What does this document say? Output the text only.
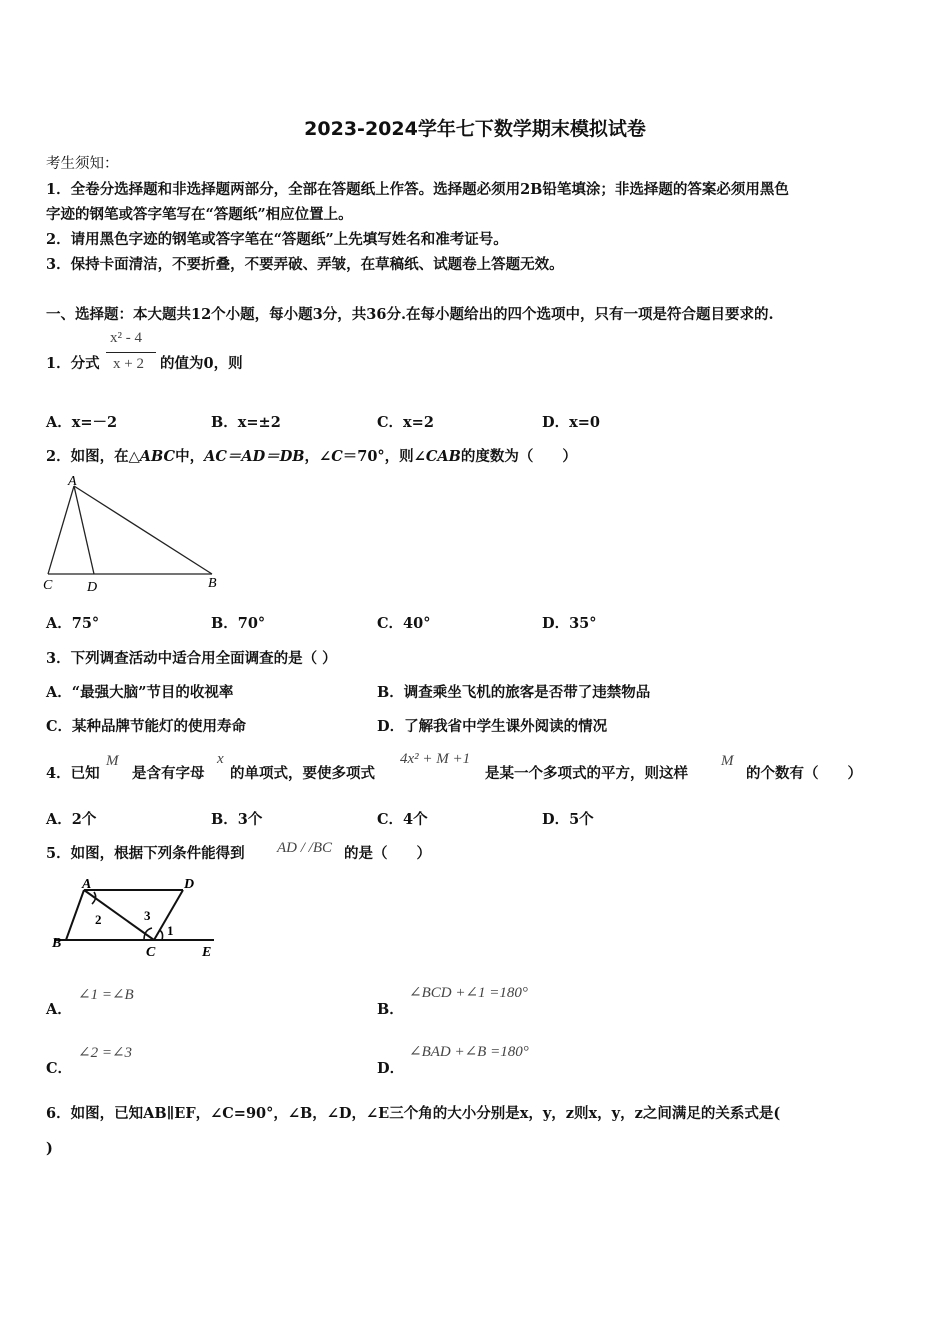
2023-2024学年七下数学期末模拟试卷
考生须知：
1．全卷分选择题和非选择题两部分，全部在答题纸上作答。选择题必须用2B铅笔填涂；非选择题的答案必须用黑色
字迹的钢笔或答字笔写在“答题纸”相应位置上。
2．请用黑色字迹的钢笔或答字笔在“答题纸”上先填写姓名和准考证号。
3．保持卡面清洁，不要折叠，不要弄破、弄皱，在草稿纸、试题卷上答题无效。
一、选择题：本大题共12个小题，每小题3分，共36分.在每小题给出的四个选项中，只有一项是符合题目要求的.
1．分式
x² - 4
x + 2 的值为0，则
A．x=－2	B．x=±2	C．x=2	D．x=0
2．如图，在△ABC中，AC＝AD＝DB，∠C＝70°，则∠CAB的度数为（　　）
A
C D	B
A．75°	B．70°	C．40°	D．35°
3．下列调查活动中适合用全面调查的是（ ）
A．“最强大脑”节目的收视率	B．调查乘坐飞机的旅客是否带了违禁物品
C．某种品牌节能灯的使用寿命	D．了解我省中学生课外阅读的情况
4．已知
M
是含有字母
x
的单项式，要使多项式
4x² + M +1
是某一个多项式的平方，则这样
M
的个数有（　　）
A．2个	B．3个	C．4个	D．5个
5．如图，根据下列条件能得到 AD / /BC 的是（　　）
A	D
B
C	E
1
2	3
A．
∠1 =∠B
B．
∠BCD +∠1 =180°
C．
∠2 =∠3
D．
∠BAD +∠B =180°
6．如图，已知AB∥EF，∠C=90°，∠B，∠D，∠E三个角的大小分别是x，y，z则x，y，z之间满足的关系式是(
)
